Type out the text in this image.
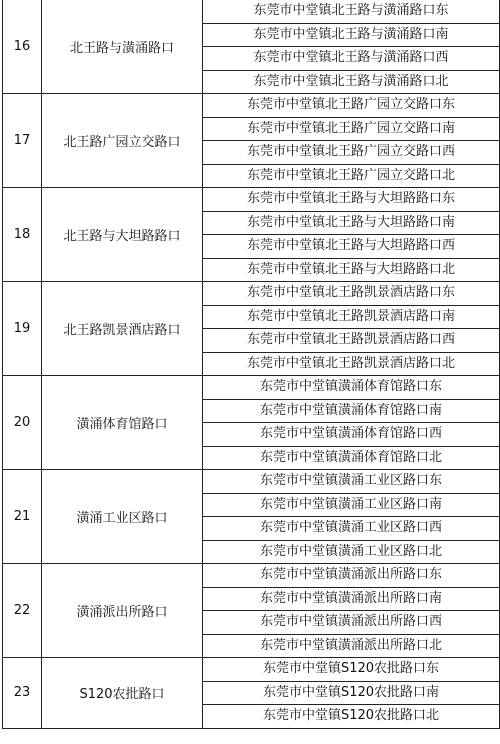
16	北王路与潢涌路口	东莞市中堂镇北王路与潢涌路口东
		东莞市中堂镇北王路与潢涌路口南
		东莞市中堂镇北王路与潢涌路口西
		东莞市中堂镇北王路与潢涌路口北
17	北王路广园立交路口	东莞市中堂镇北王路广园立交路口东
		东莞市中堂镇北王路广园立交路口南
		东莞市中堂镇北王路广园立交路口西
		东莞市中堂镇北王路广园立交路口北
18	北王路与大坦路路口	东莞市中堂镇北王路与大坦路路口东
		东莞市中堂镇北王路与大坦路路口南
		东莞市中堂镇北王路与大坦路路口西
		东莞市中堂镇北王路与大坦路路口北
19	北王路凯景酒店路口	东莞市中堂镇北王路凯景酒店路口东
		东莞市中堂镇北王路凯景酒店路口南
		东莞市中堂镇北王路凯景酒店路口西
		东莞市中堂镇北王路凯景酒店路口北
20	潢涌体育馆路口	东莞市中堂镇潢涌体育馆路口东
		东莞市中堂镇潢涌体育馆路口南
		东莞市中堂镇潢涌体育馆路口西
		东莞市中堂镇潢涌体育馆路口北
21	潢涌工业区路口	东莞市中堂镇潢涌工业区路口东
		东莞市中堂镇潢涌工业区路口南
		东莞市中堂镇潢涌工业区路口西
		东莞市中堂镇潢涌工业区路口北
22	潢涌派出所路口	东莞市中堂镇潢涌派出所路口东
		东莞市中堂镇潢涌派出所路口南
		东莞市中堂镇潢涌派出所路口西
		东莞市中堂镇潢涌派出所路口北
23	S120农批路口	东莞市中堂镇S120农批路口东
		东莞市中堂镇S120农批路口南
		东莞市中堂镇S120农批路口北
